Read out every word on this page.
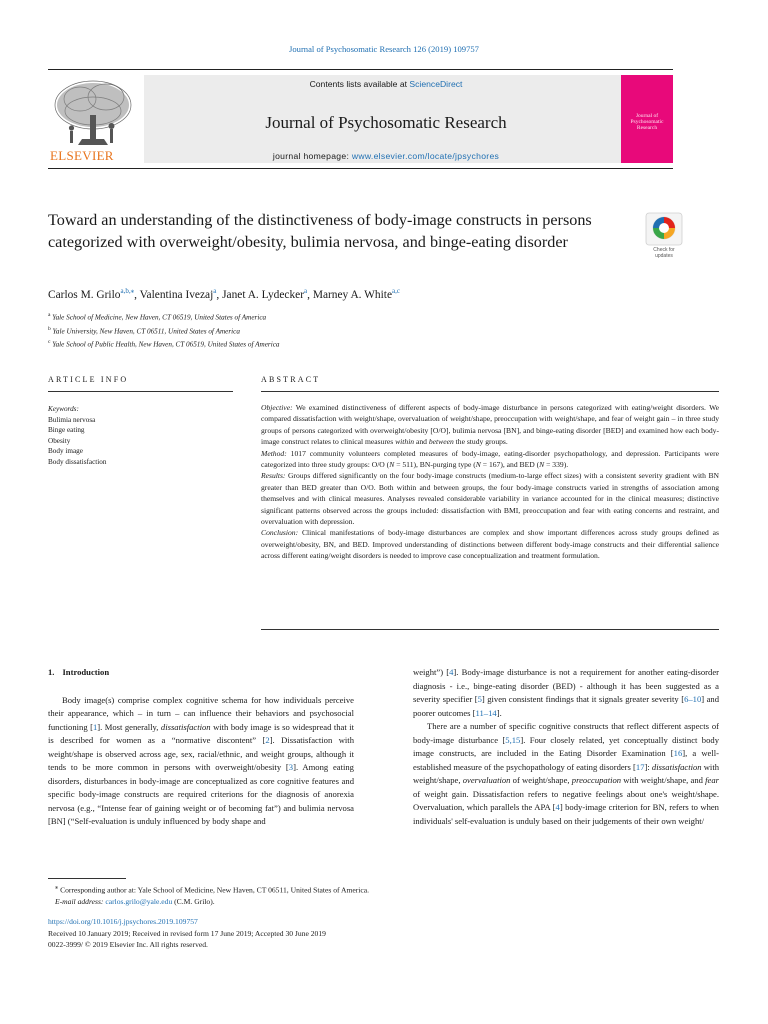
Journal of Psychosomatic Research 126 (2019) 109757
ELSEVIER
Contents lists available at ScienceDirect
Journal of Psychosomatic Research
journal homepage: www.elsevier.com/locate/jpsychores
Journal of Psychosomatic Research
Toward an understanding of the distinctiveness of body-image constructs in persons categorized with overweight/obesity, bulimia nervosa, and binge-eating disorder	Check for updates
Carlos M. Grilo$^{a,b,⁎}$, Valentina Ivezaj$^a$, Janet A. Lydecker$^a$, Marney A. White$^{a,c}$
$^a$ Yale School of Medicine, New Haven, CT 06519, United States of America
$^b$ Yale University, New Haven, CT 06511, United States of America
$^c$ Yale School of Public Health, New Haven, CT 06519, United States of America
ARTICLE INFO	ABSTRACT
Keywords:
Bulimia nervosa
Binge eating
Obesity
Body image
Body dissatisfaction
Objective: We examined distinctiveness of different aspects of body-image disturbance in persons categorized with eating/weight disorders. We compared dissatisfaction with weight/shape, overvaluation of weight/shape, preoccupation with weight/shape, and fear of weight gain – in three study groups of persons categorized with overweight/obesity [O/O], bulimia nervosa [BN], and binge-eating disorder [BED] and examined how each body-image construct relates to clinical measures within and between the study groups.
Method: 1017 community volunteers completed measures of body-image, eating-disorder psychopathology, and depression. Participants were categorized into three study groups: O/O (N = 511), BN-purging type (N = 167), and BED (N = 339).
Results: Groups differed significantly on the four body-image constructs (medium-to-large effect sizes) with a consistent severity gradient with BN greater than BED greater than O/O. Both within and between groups, the four body-image constructs varied in strengths of association among themselves and with clinical measures. Analyses revealed considerable variability in variance accounted for in the clinical measures; distinctive significant patterns observed across the groups included: dissatisfaction with BMI, preoccupation and fear with eating concerns and restraint, and overvaluation with depression.
Conclusion: Clinical manifestations of body-image disturbances are complex and show important differences across study groups defined as overweight/obesity, BN, and BED. Improved understanding of distinctions between different body-image constructs and their differential salience across different eating/weight disorders is needed to improve case conceptualization and treatment formulation.
1. Introduction

Body image(s) comprise complex cognitive schema for how individuals perceive their appearance, which – in turn – can influence their behaviors and psychosocial functioning [1]. Most generally, dissatisfaction with body image is so widespread that it is described for women as a “normative discontent” [2]. Dissatisfaction with weight/shape is observed across age, sex, racial/ethnic, and weight groups, although it tends to be more common in persons with overweight/obesity [3]. Among eating disorders, disturbances in body-image are conceptualized as core cognitive features and specific body-image constructs are required criterions for the diagnosis of anorexia nervosa (e.g., “Intense fear of gaining weight or of becoming fat”) and bulimia nervosa [BN] (“Self-evaluation is unduly influenced by body shape and

weight”) [4]. Body-image disturbance is not a requirement for another eating-disorder diagnosis - i.e., binge-eating disorder (BED) - although it has been suggested as a severity specifier [5] given consistent findings that it signals greater severity [6–10] and poorer outcomes [11–14].

There are a number of specific cognitive constructs that reflect different aspects of body-image disturbance [5,15]. Four closely related, yet conceptually distinct body image constructs, are included in the Eating Disorder Examination [16], a well-established measure of the psychopathology of eating disorders [17]: dissatisfaction with weight/shape, overvaluation of weight/shape, preoccupation with weight/shape, and fear of weight gain. Dissatisfaction refers to negative feelings about one's weight/shape. Overvaluation, which parallels the APA [4] body-image criterion for BN, refers to when individuals' self-evaluation is unduly based on their judgements of their own weight/

⁎ Corresponding author at: Yale School of Medicine, New Haven, CT 06511, United States of America.
E-mail address: carlos.grilo@yale.edu (C.M. Grilo).
https://doi.org/10.1016/j.jpsychores.2019.109757
Received 10 January 2019; Received in revised form 17 June 2019; Accepted 30 June 2019
0022-3999/ © 2019 Elsevier Inc. All rights reserved.
